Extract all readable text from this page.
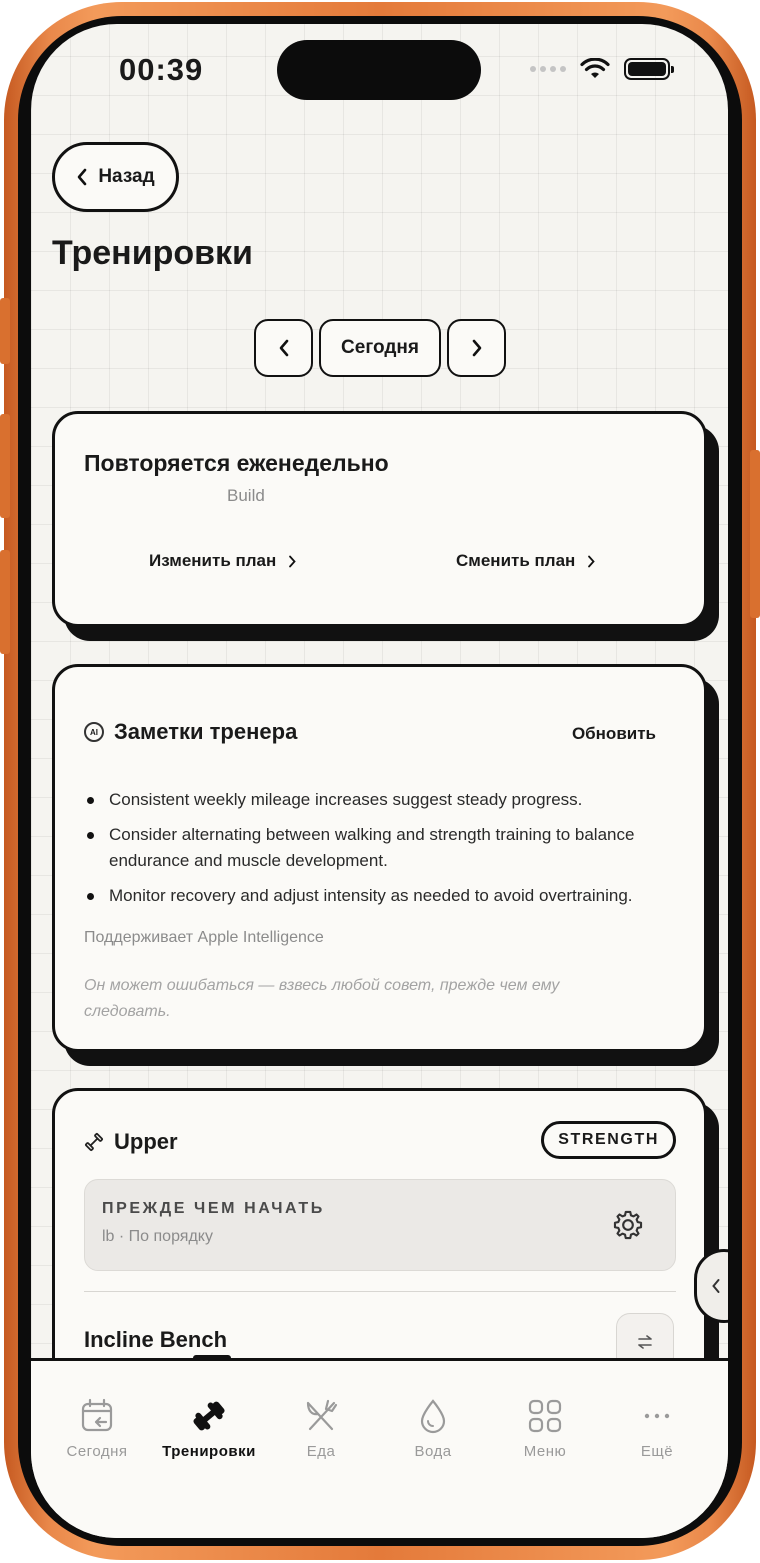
00:39
Назад
Тренировки
Сегодня
Повторяется еженедельно
Build
Изменить план	Сменить план
AI Заметки тренера	Обновить
Consistent weekly mileage increases suggest steady progress.
Consider alternating between walking and strength training to balance endurance and muscle development.
Monitor recovery and adjust intensity as needed to avoid overtraining.
Поддерживает Apple Intelligence
Он может ошибаться — взвесь любой совет, прежде чем ему следовать.
Upper	STRENGTH
ПРЕЖДЕ ЧЕМ НАЧАТЬ
lb · По порядку
Incline Bench
Сегодня Тренировки	Еда	Вода	Меню	Ещё
